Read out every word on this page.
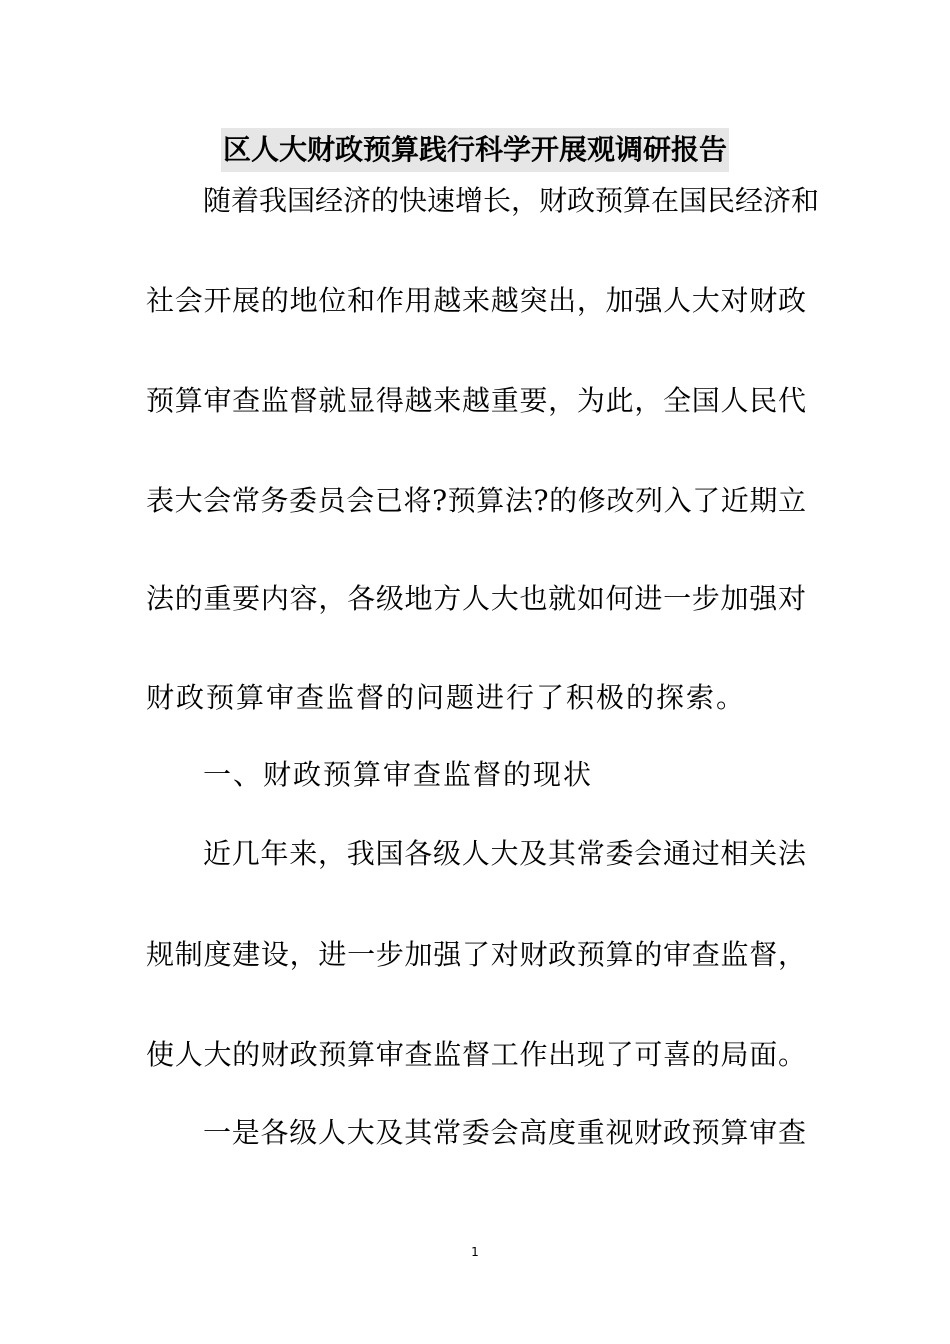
区人大财政预算践行科学开展观调研报告
随着我国经济的快速增长，财政预算在国民经济和
社会开展的地位和作用越来越突出，加强人大对财政
预算审查监督就显得越来越重要，为此，全国人民代
表大会常务委员会已将?预算法?的修改列入了近期立
法的重要内容，各级地方人大也就如何进一步加强对
财政预算审查监督的问题进行了积极的探索。
一、财政预算审查监督的现状
近几年来，我国各级人大及其常委会通过相关法
规制度建设，进一步加强了对财政预算的审查监督，
使人大的财政预算审查监督工作出现了可喜的局面。
一是各级人大及其常委会高度重视财政预算审查
1
